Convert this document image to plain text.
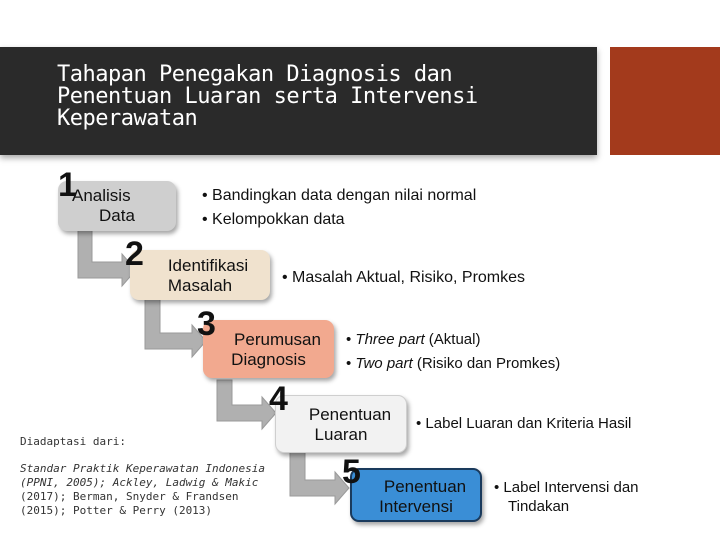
Tahapan Penegakan Diagnosis dan
Penentuan Luaran serta Intervensi
Keperawatan
Analisis
Data
1	• Bandingkan data dengan nilai normal
• Kelompokkan data
Identifikasi
Masalah
2
• Masalah Aktual, Risiko, Promkes
Perumusan
Diagnosis
3	• Three part (Aktual)
• Two part (Risiko dan Promkes)
Penentuan
Luaran
4
• Label Luaran dan Kriteria Hasil
Penentuan
Intervensi
5	• Label Intervensi dan
Tindakan
Diadaptasi dari:
Standar Praktik Keperawatan Indonesia
(PPNI, 2005); Ackley, Ladwig & Makic
(2017); Berman, Snyder & Frandsen
(2015); Potter & Perry (2013)
